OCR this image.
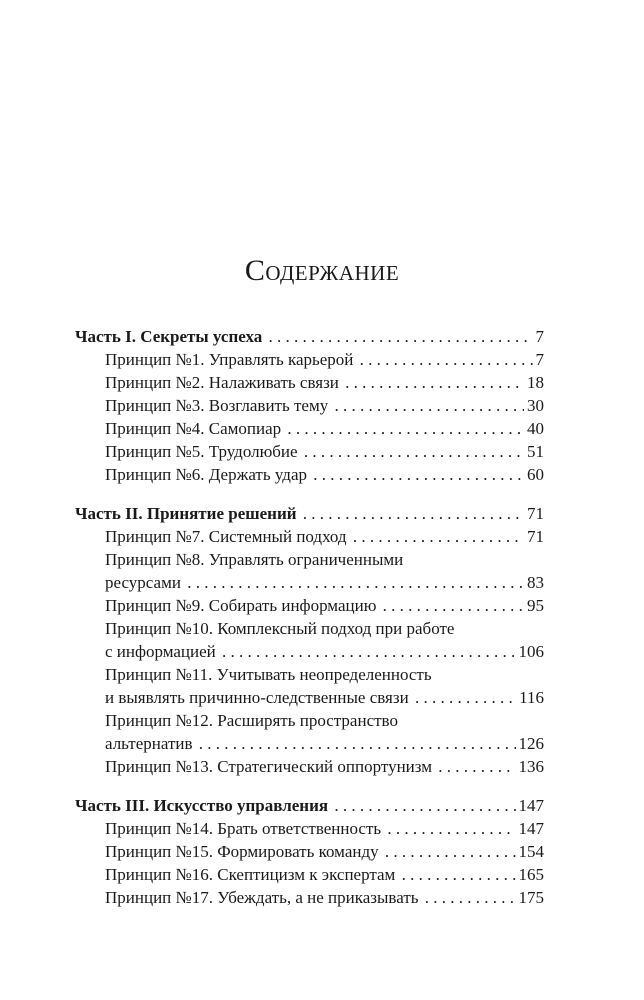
Содержание
Часть I. Секреты успеха . . .	7
Принцип №1. Управлять карьерой . . .	7
Принцип №2. Налаживать связи . . .	18
Принцип №3. Возглавить тему . . .	30
Принцип №4. Самопиар . . .	40
Принцип №5. Трудолюбие . . .	51
Принцип №6. Держать удар . . .	60
Часть II. Принятие решений . . .	71
Принцип №7. Системный подход . . .	71
Принцип №8. Управлять ограниченными
ресурсами . . .	83
Принцип №9. Собирать информацию . . .	95
Принцип №10. Комплексный подход при работе
с информацией . . .	106
Принцип №11. Учитывать неопределенность
и выявлять причинно-следственные связи . . .	116
Принцип №12. Расширять пространство
альтернатив . . .	126
Принцип №13. Стратегический оппортунизм . . .	136
Часть III. Искусство управления . . .	147
Принцип №14. Брать ответственность . . .	147
Принцип №15. Формировать команду . . .	154
Принцип №16. Скептицизм к экспертам . . .	165
Принцип №17. Убеждать, а не приказывать . . .	175
